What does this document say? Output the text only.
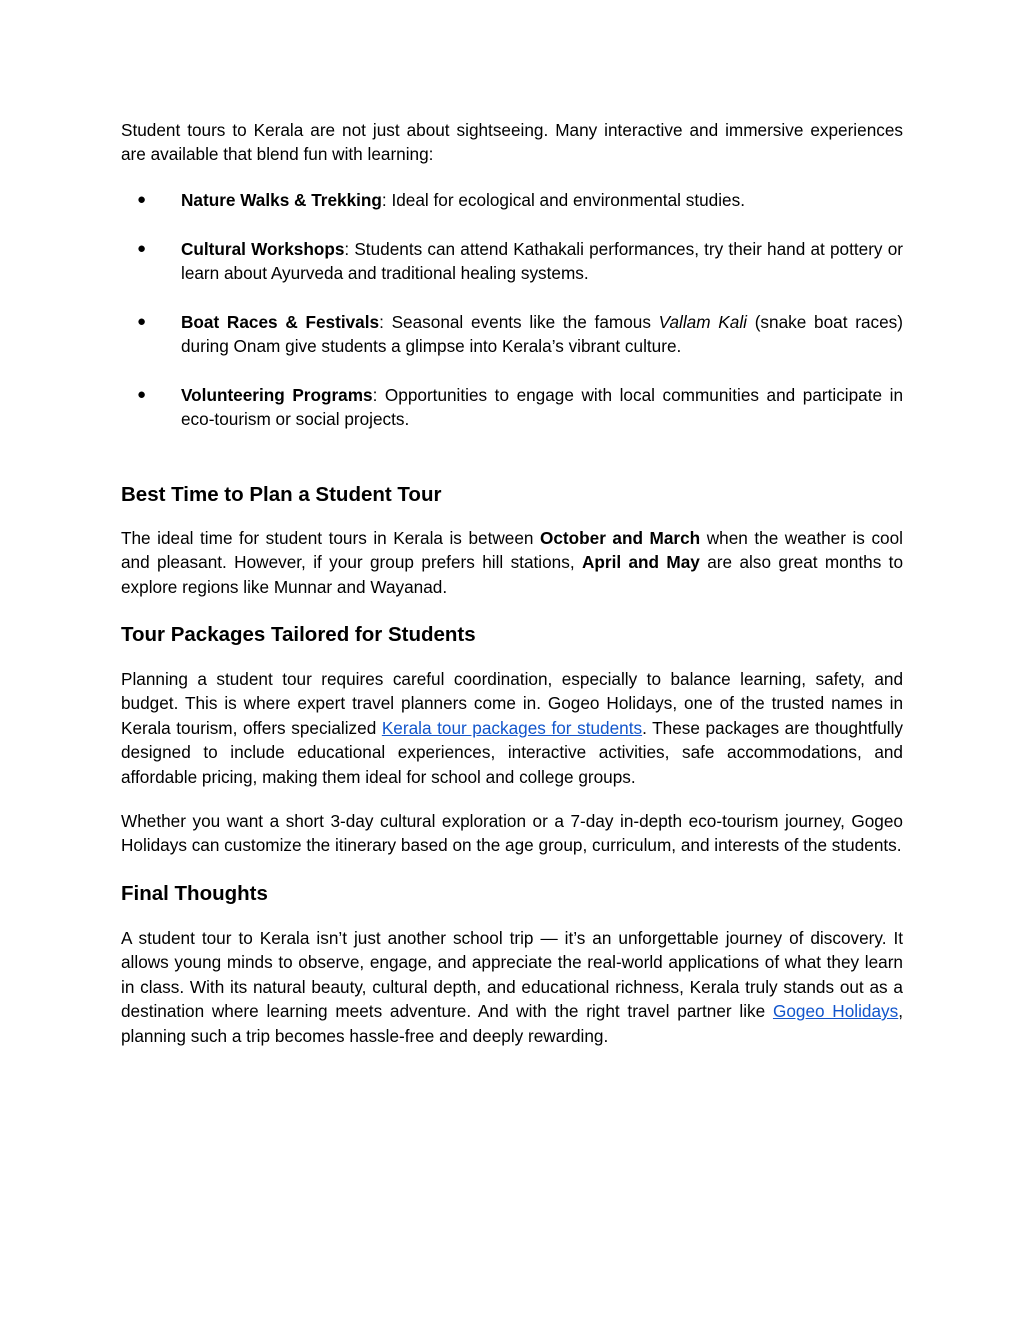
Student tours to Kerala are not just about sightseeing. Many interactive and immersive experiences are available that blend fun with learning:

● Nature Walks & Trekking: Ideal for ecological and environmental studies.
● Cultural Workshops: Students can attend Kathakali performances, try their hand at pottery or learn about Ayurveda and traditional healing systems.
● Boat Races & Festivals: Seasonal events like the famous Vallam Kali (snake boat races) during Onam give students a glimpse into Kerala’s vibrant culture.
● Volunteering Programs: Opportunities to engage with local communities and participate in eco-tourism or social projects.
Best Time to Plan a Student Tour

The ideal time for student tours in Kerala is between October and March when the weather is cool and pleasant. However, if your group prefers hill stations, April and May are also great months to explore regions like Munnar and Wayanad.

Tour Packages Tailored for Students

Planning a student tour requires careful coordination, especially to balance learning, safety, and budget. This is where expert travel planners come in. Gogeo Holidays, one of the trusted names in Kerala tourism, offers specialized Kerala tour packages for students. These packages are thoughtfully designed to include educational experiences, interactive activities, safe accommodations, and affordable pricing, making them ideal for school and college groups.

Whether you want a short 3-day cultural exploration or a 7-day in-depth eco-tourism journey, Gogeo Holidays can customize the itinerary based on the age group, curriculum, and interests of the students.

Final Thoughts

A student tour to Kerala isn’t just another school trip — it’s an unforgettable journey of discovery. It allows young minds to observe, engage, and appreciate the real-world applications of what they learn in class. With its natural beauty, cultural depth, and educational richness, Kerala truly stands out as a destination where learning meets adventure. And with the right travel partner like Gogeo Holidays, planning such a trip becomes hassle-free and deeply rewarding.
